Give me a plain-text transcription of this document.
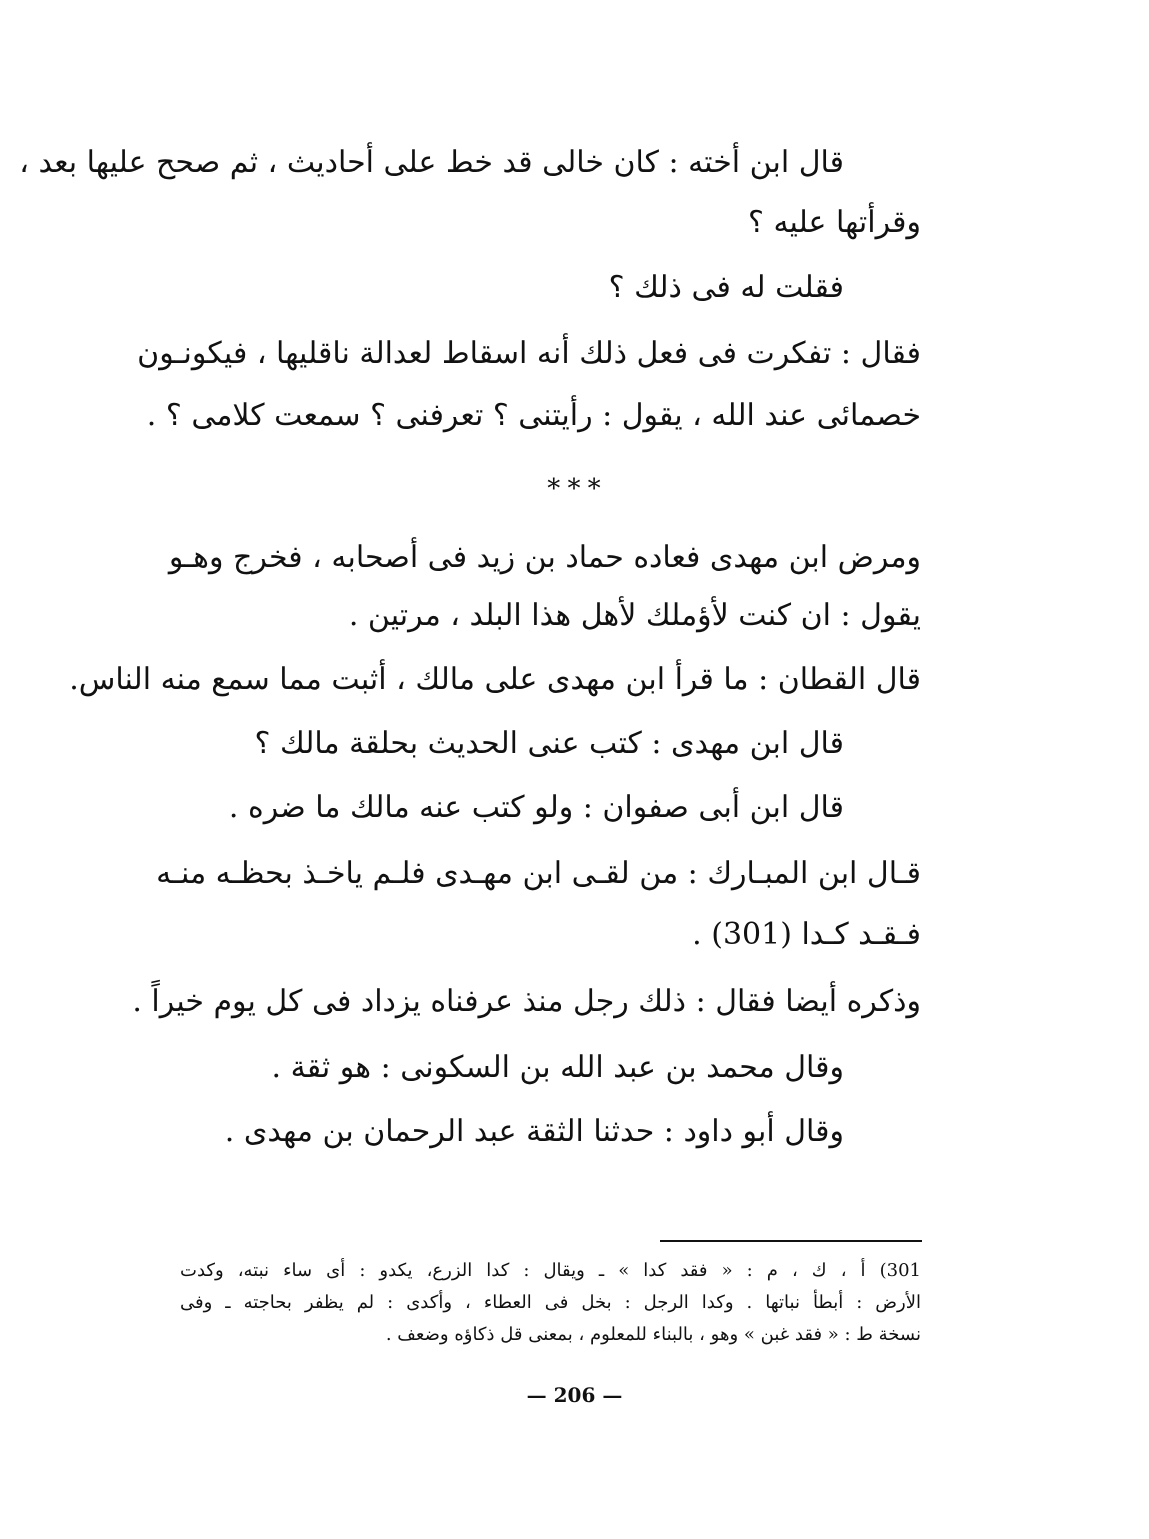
قال ابن أخته : كان خالى قد خط على أحاديث ، ثم صحح عليها بعد ،
وقرأتها عليه ؟
فقلت له فى ذلك ؟
فقال : تفكرت فى فعل ذلك أنه اسقاط لعدالة ناقليها ، فيكونـون
خصمائى عند الله ، يقول : رأيتنى ؟ تعرفنى ؟ سمعت كلامى ؟ .
* * *
ومرض ابن مهدى فعاده حماد بن زيد فى أصحابه ، فخرج وهـو
يقول : ان كنت لأؤملك لأهل هذا البلد ، مرتين .
قال القطان : ما قرأ ابن مهدى على مالك ، أثبت مما سمع منه الناس.
قال ابن مهدى : كتب عنى الحديث بحلقة مالك ؟
قال ابن أبى صفوان : ولو كتب عنه مالك ما ضره .
قـال ابن المبـارك : من لقـى ابن مهـدى فلـم ياخـذ بحظـه منـه
فـقـد كـدا (301) .
وذكره أيضا فقال : ذلك رجل منذ عرفناه يزداد فى كل يوم خيراً .
وقال محمد بن عبد الله بن السكونى : هو ثقة .
وقال أبو داود : حدثنا الثقة عبد الرحمان بن مهدى .
301) أ ، ك ، م : « فقد كدا » ـ ويقال : كدا الزرع، يكدو : أى ساء نبته، وكدت
الأرض : أبطأ نباتها . وكدا الرجل : بخل فى العطاء ، وأكدى : لم يظفر بحاجته ـ وفى
نسخة ط : « فقد غبن » وهو ، بالبناء للمعلوم ، بمعنى قل ذكاؤه وضعف .
— 206 —
